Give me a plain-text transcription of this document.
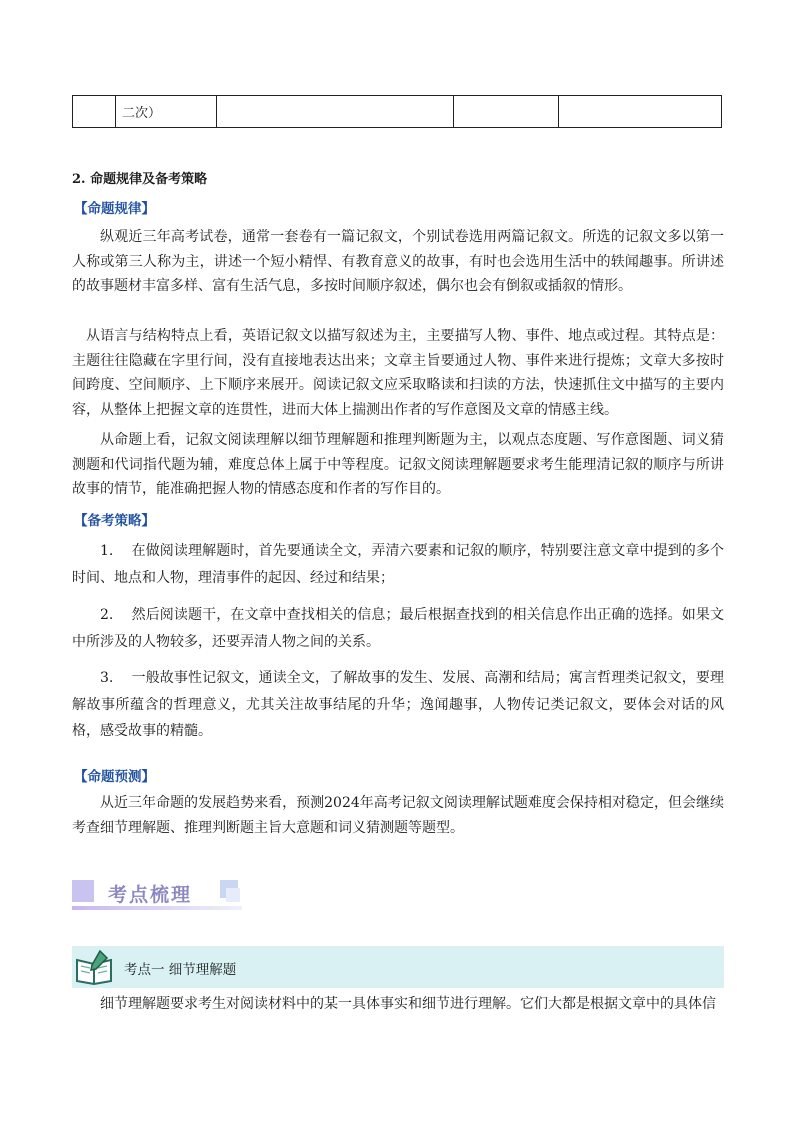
	二次）			
2. 命题规律及备考策略
【命题规律】
纵观近三年高考试卷，通常一套卷有一篇记叙文，个别试卷选用两篇记叙文。所选的记叙文多以第一人称或第三人称为主，讲述一个短小精悍、有教育意义的故事，有时也会选用生活中的轶闻趣事。所讲述的故事题材丰富多样、富有生活气息，多按时间顺序叙述，偶尔也会有倒叙或插叙的情形。
从语言与结构特点上看，英语记叙文以描写叙述为主，主要描写人物、事件、地点或过程。其特点是：主题往往隐藏在字里行间，没有直接地表达出来；文章主旨要通过人物、事件来进行提炼；文章大多按时间跨度、空间顺序、上下顺序来展开。阅读记叙文应采取略读和扫读的方法，快速抓住文中描写的主要内容，从整体上把握文章的连贯性，进而大体上揣测出作者的写作意图及文章的情感主线。
从命题上看，记叙文阅读理解以细节理解题和推理判断题为主，以观点态度题、写作意图题、词义猜测题和代词指代题为辅，难度总体上属于中等程度。记叙文阅读理解题要求考生能理清记叙的顺序与所讲故事的情节，能准确把握人物的情感态度和作者的写作目的。
【备考策略】
1. 在做阅读理解题时，首先要通读全文，弄清六要素和记叙的顺序，特别要注意文章中提到的多个时间、地点和人物，理清事件的起因、经过和结果；
2. 然后阅读题干，在文章中查找相关的信息；最后根据查找到的相关信息作出正确的选择。如果文中所涉及的人物较多，还要弄清人物之间的关系。
3. 一般故事性记叙文，通读全文，了解故事的发生、发展、高潮和结局；寓言哲理类记叙文，要理解故事所蕴含的哲理意义，尤其关注故事结尾的升华；逸闻趣事，人物传记类记叙文，要体会对话的风格，感受故事的精髓。
【命题预测】
从近三年命题的发展趋势来看，预测2024年高考记叙文阅读理解试题难度会保持相对稳定，但会继续考查细节理解题、推理判断题主旨大意题和词义猜测题等题型。
考点梳理
考点一 细节理解题
细节理解题要求考生对阅读材料中的某一具体事实和细节进行理解。它们大都是根据文章中的具体信
